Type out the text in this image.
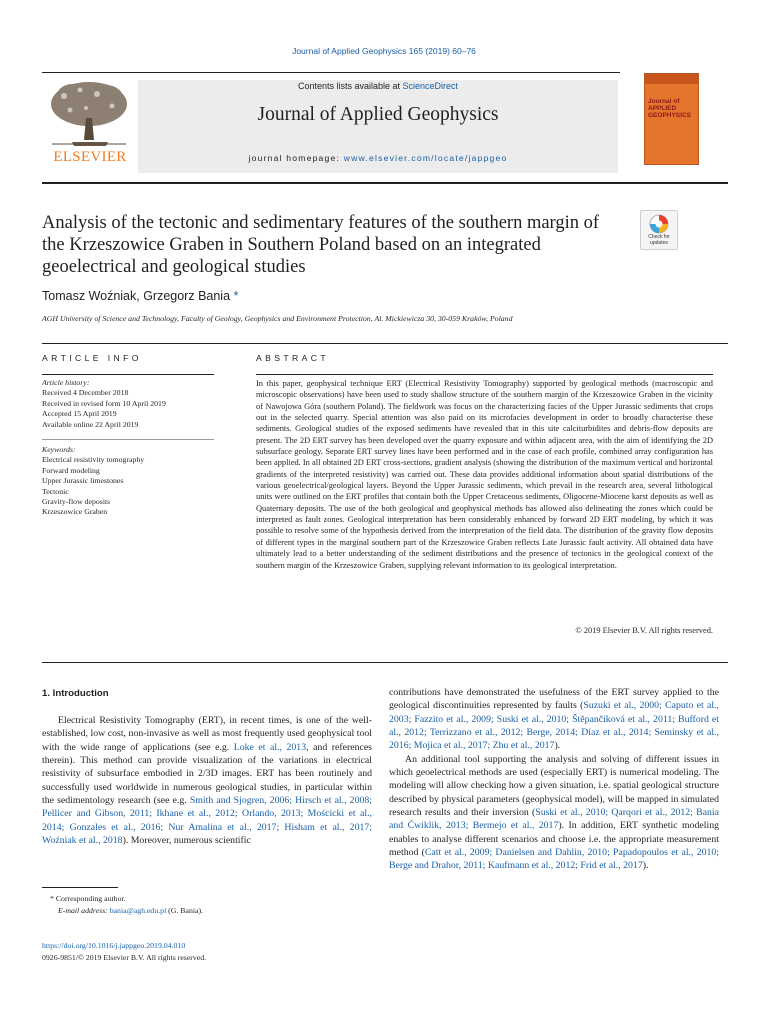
Journal of Applied Geophysics 165 (2019) 60–76
ELSEVIER
Contents lists available at ScienceDirect
Journal of Applied Geophysics
journal homepage: www.elsevier.com/locate/jappgeo
Journal of APPLIED GEOPHYSICS
Analysis of the tectonic and sedimentary features of the southern margin of the Krzeszowice Graben in Southern Poland based on an integrated geoelectrical and geological studies
Check for updates
Tomasz Woźniak, Grzegorz Bania *
AGH University of Science and Technology, Faculty of Geology, Geophysics and Environment Protection, Al. Mickiewicza 30, 30-059 Kraków, Poland
ARTICLE INFO
Article history:
Received 4 December 2018
Received in revised form 10 April 2019
Accepted 15 April 2019
Available online 22 April 2019
Keywords:
Electrical resistivity tomography
Forward modeling
Upper Jurassic limestones
Tectonic
Gravity-flow deposits
Krzeszowice Graben
ABSTRACT
In this paper, geophysical technique ERT (Electrical Resistivity Tomography) supported by geological methods (macroscopic and microscopic observations) have been used to study shallow structure of the southern margin of the Krzeszowice Graben in the vicinity of Nawojowa Góra (southern Poland). The fieldwork was focus on the characterizing facies of the Upper Jurassic sediments that crops out in the selected quarry. Special attention was also paid on its microfacies development in order to broadly characterise these sediments. Geological studies of the exposed sediments have revealed that in this site calciturbidites and debris-flow deposits are present. The 2D ERT survey has been developed over the quarry exposure and within adjacent area, with the aim of identifying the 2D subsurface geology. Separate ERT survey lines have been performed and in the case of each profile, combined array configuration has been applied. In all obtained 2D ERT cross-sections, gradient analysis (showing the distribution of the maximum vertical and horizontal gradients of the interpreted resistivity) was carried out. These data provides additional information about spatial distributions of the various geoelectrical/geological layers. Beyond the Upper Jurassic sediments, which prevail in the research area, several lithological units were outlined on the ERT profiles that contain both the Upper Cretaceous sediments, Oligocene-Miocene karst deposits as well as Quaternary deposits. The use of the both geological and geophysical methods has allowed also delineating the zones which could be interpreted as fault zones. Geological interpretation has been considerably enhanced by forward 2D ERT modeling, by which it was possible to resolve some of the hypothesis derived from the interpretation of the field data. The distribution of the gravity flow deposits of different types in the marginal southern part of the Krzeszowice Graben reflects Late Jurassic fault activity. All obtained data have ultimately lead to a better understanding of the sediment distributions and the presence of tectonics in the geological context of the southern margin of the Krzeszowice Graben, supplying relevant information to its geological interpretation.
© 2019 Elsevier B.V. All rights reserved.
1. Introduction

Electrical Resistivity Tomography (ERT), in recent times, is one of the well-established, low cost, non-invasive as well as most frequently used geophysical tool with the wide range of applications (see e.g. Loke et al., 2013, and references therein). This method can provide visualization of the variations in electrical resistivity of subsurface embodied in 2/3D images. ERT has been routinely and successfully used worldwide in numerous geological studies, in particular within the sedimentology research (see e.g. Smith and Sjogren, 2006; Hirsch et al., 2008; Pellicer and Gibson, 2011; Ikhane et al., 2012; Orlando, 2013; Mościcki et al., 2014; Gonzales et al., 2016; Nur Amalina et al., 2017; Hisham et al., 2017; Woźniak et al., 2018). Moreover, numerous scientific

contributions have demonstrated the usefulness of the ERT survey applied to the geological discontinuities represented by faults (Suzuki et al., 2000; Caputo et al., 2003; Fazzito et al., 2009; Suski et al., 2010; Štěpančíková et al., 2011; Bufford et al., 2012; Terrizzano et al., 2012; Berge, 2014; Díaz et al., 2014; Seminsky et al., 2016; Mojica et al., 2017; Zhu et al., 2017).

An additional tool supporting the analysis and solving of different issues in which geoelectrical methods are used (especially ERT) is numerical modeling. The modeling will allow checking how a given situation, i.e. spatial geological structure described by physical parameters (geophysical model), will be mapped in simulated research results and their inversion (Suski et al., 2010; Qarqori et al., 2012; Bania and Ćwiklik, 2013; Bermejo et al., 2017). In addition, ERT synthetic modeling enables to analyse different scenarios and choose i.e. the appropriate measurement method (Catt et al., 2009; Danielsen and Dahlin, 2010; Papadopoulos et al., 2010; Berge and Drahor, 2011; Kaufmann et al., 2012; Frid et al., 2017).

* Corresponding author.
E-mail address: bania@agh.edu.pl (G. Bania).
https://doi.org/10.1016/j.jappgeo.2019.04.010
0926-9851/© 2019 Elsevier B.V. All rights reserved.
